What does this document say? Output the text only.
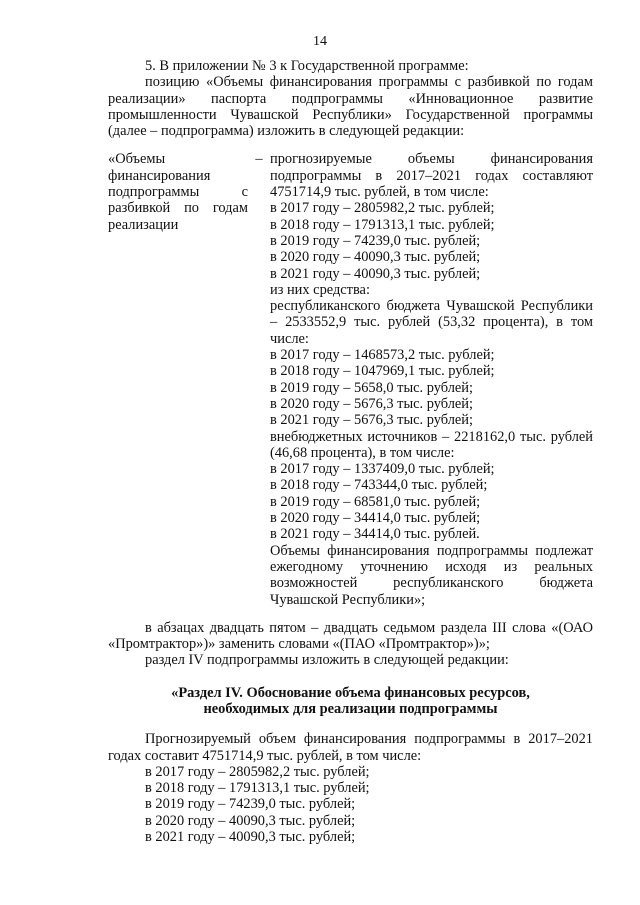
14

5. В приложении № 3 к Государственной программе:

позицию «Объемы финансирования программы с разбивкой по годам реализации» паспорта подпрограммы «Инновационное развитие промышленности Чувашской Республики» Государственной программы (далее – подпрограмма) изложить в следующей редакции:

«Объемы финансирования подпрограммы с разбивкой по годам реализации
– прогнозируемые объемы финансирования подпрограммы в 2017–2021 годах составляют 4751714,9 тыс. рублей, в том числе:

в 2017 году – 2805982,2 тыс. рублей;

в 2018 году – 1791313,1 тыс. рублей;

в 2019 году – 74239,0 тыс. рублей;

в 2020 году – 40090,3 тыс. рублей;

в 2021 году – 40090,3 тыс. рублей;

из них средства:

республиканского бюджета Чувашской Республики – 2533552,9 тыс. рублей (53,32 процента), в том числе:

в 2017 году – 1468573,2 тыс. рублей;

в 2018 году – 1047969,1 тыс. рублей;

в 2019 году – 5658,0 тыс. рублей;

в 2020 году – 5676,3 тыс. рублей;

в 2021 году – 5676,3 тыс. рублей;

внебюджетных источников – 2218162,0 тыс. рублей (46,68 процента), в том числе:

в 2017 году – 1337409,0 тыс. рублей;

в 2018 году – 743344,0 тыс. рублей;

в 2019 году – 68581,0 тыс. рублей;

в 2020 году – 34414,0 тыс. рублей;

в 2021 году – 34414,0 тыс. рублей.

Объемы финансирования подпрограммы подлежат ежегодному уточнению исходя из реальных возможностей республиканского бюджета Чувашской Республики»;

в абзацах двадцать пятом – двадцать седьмом раздела III слова «(ОАО «Промтрактор»)» заменить словами «(ПАО «Промтрактор»)»;

раздел IV подпрограммы изложить в следующей редакции:

«Раздел IV. Обоснование объема финансовых ресурсов,

необходимых для реализации подпрограммы

Прогнозируемый объем финансирования подпрограммы в 2017–2021 годах составит 4751714,9 тыс. рублей, в том числе:

в 2017 году – 2805982,2 тыс. рублей;

в 2018 году – 1791313,1 тыс. рублей;

в 2019 году – 74239,0 тыс. рублей;

в 2020 году – 40090,3 тыс. рублей;

в 2021 году – 40090,3 тыс. рублей;
